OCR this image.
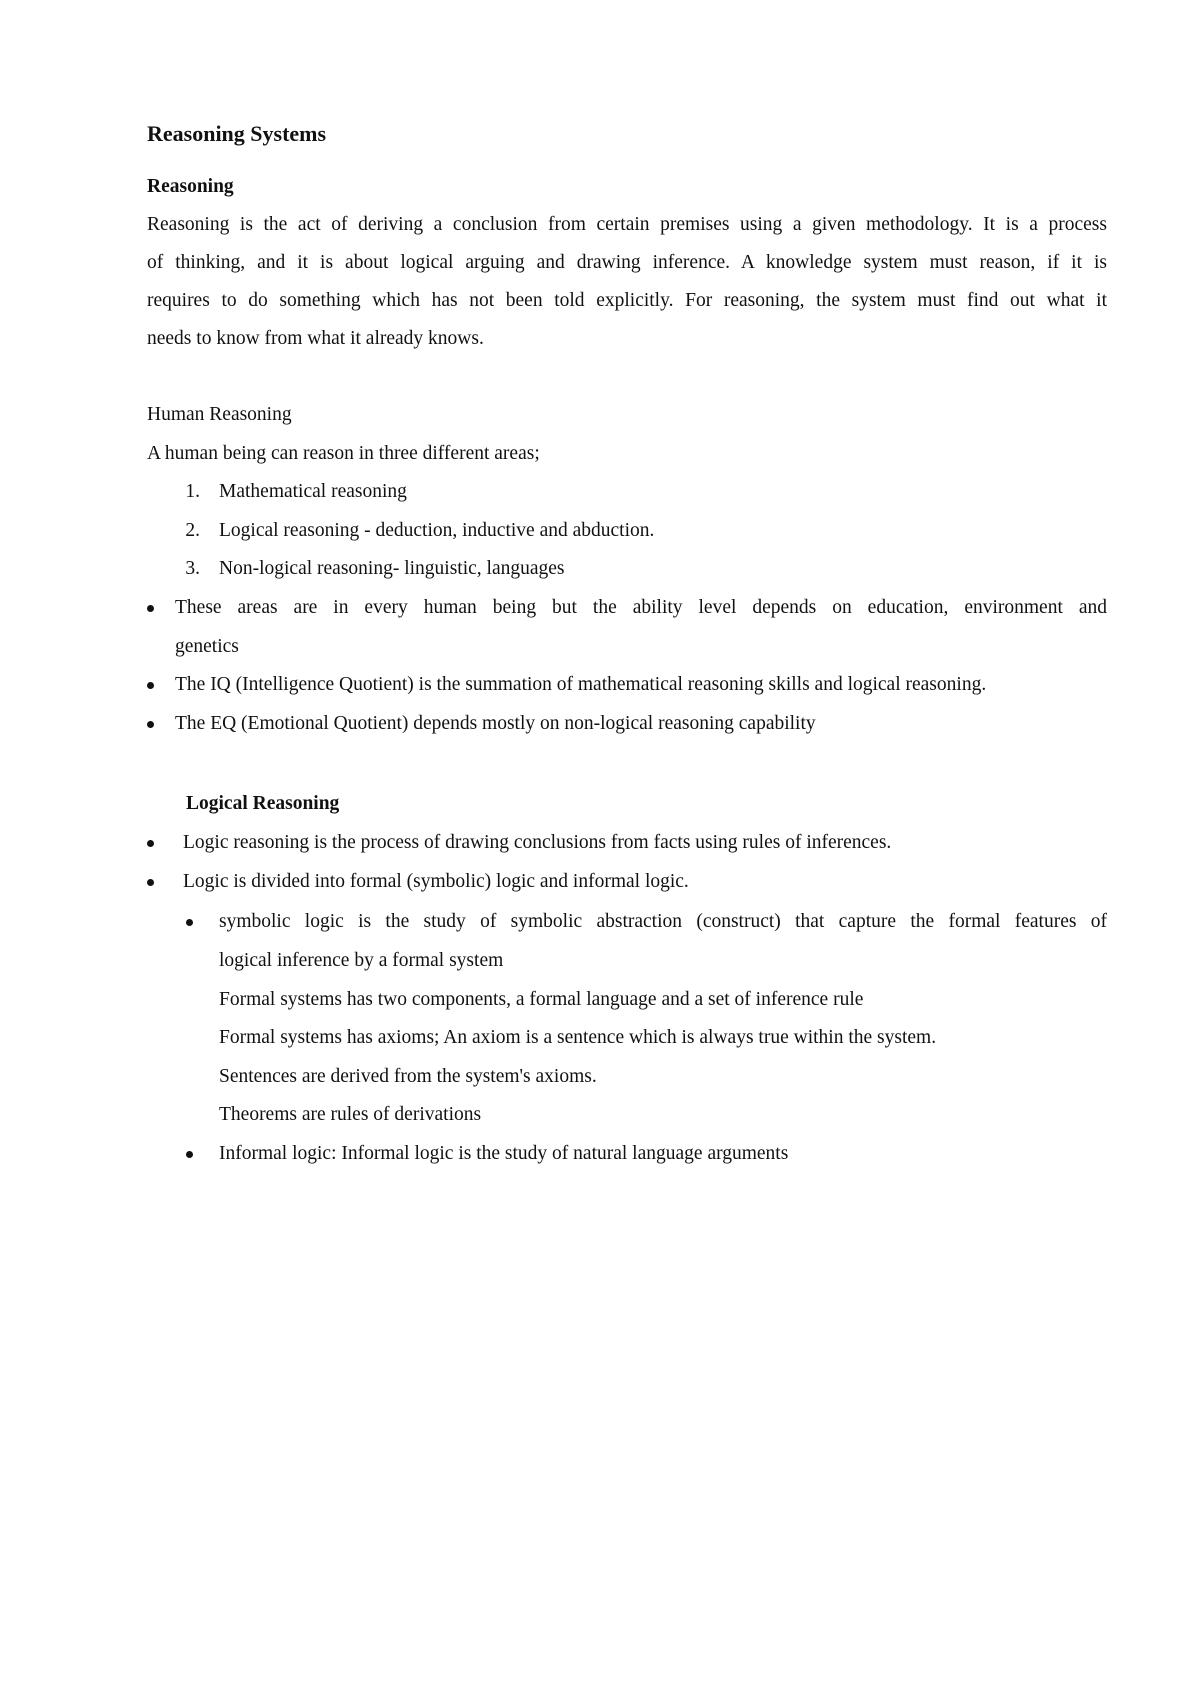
Reasoning Systems
Reasoning
Reasoning is the act of deriving a conclusion from certain premises using a given methodology. It is a process
of thinking, and it is about logical arguing and drawing inference. A knowledge system must reason, if it is
requires to do something which has not been told explicitly. For reasoning, the system must find out what it
needs to know from what it already knows.
Human Reasoning
A human being can reason in three different areas;
1. Mathematical reasoning
2. Logical reasoning - deduction, inductive and abduction.
3. Non-logical reasoning- linguistic, languages
These areas are in every human being but the ability level depends on education, environment and
genetics
The IQ (Intelligence Quotient) is the summation of mathematical reasoning skills and logical reasoning.
The EQ (Emotional Quotient) depends mostly on non-logical reasoning capability
Logical Reasoning
Logic reasoning is the process of drawing conclusions from facts using rules of inferences.
Logic is divided into formal (symbolic) logic and informal logic.
symbolic logic is the study of symbolic abstraction (construct) that capture the formal features of
logical inference by a formal system
Formal systems has two components, a formal language and a set of inference rule
Formal systems has axioms; An axiom is a sentence which is always true within the system.
Sentences are derived from the system's axioms.
Theorems are rules of derivations
Informal logic: Informal logic is the study of natural language arguments
